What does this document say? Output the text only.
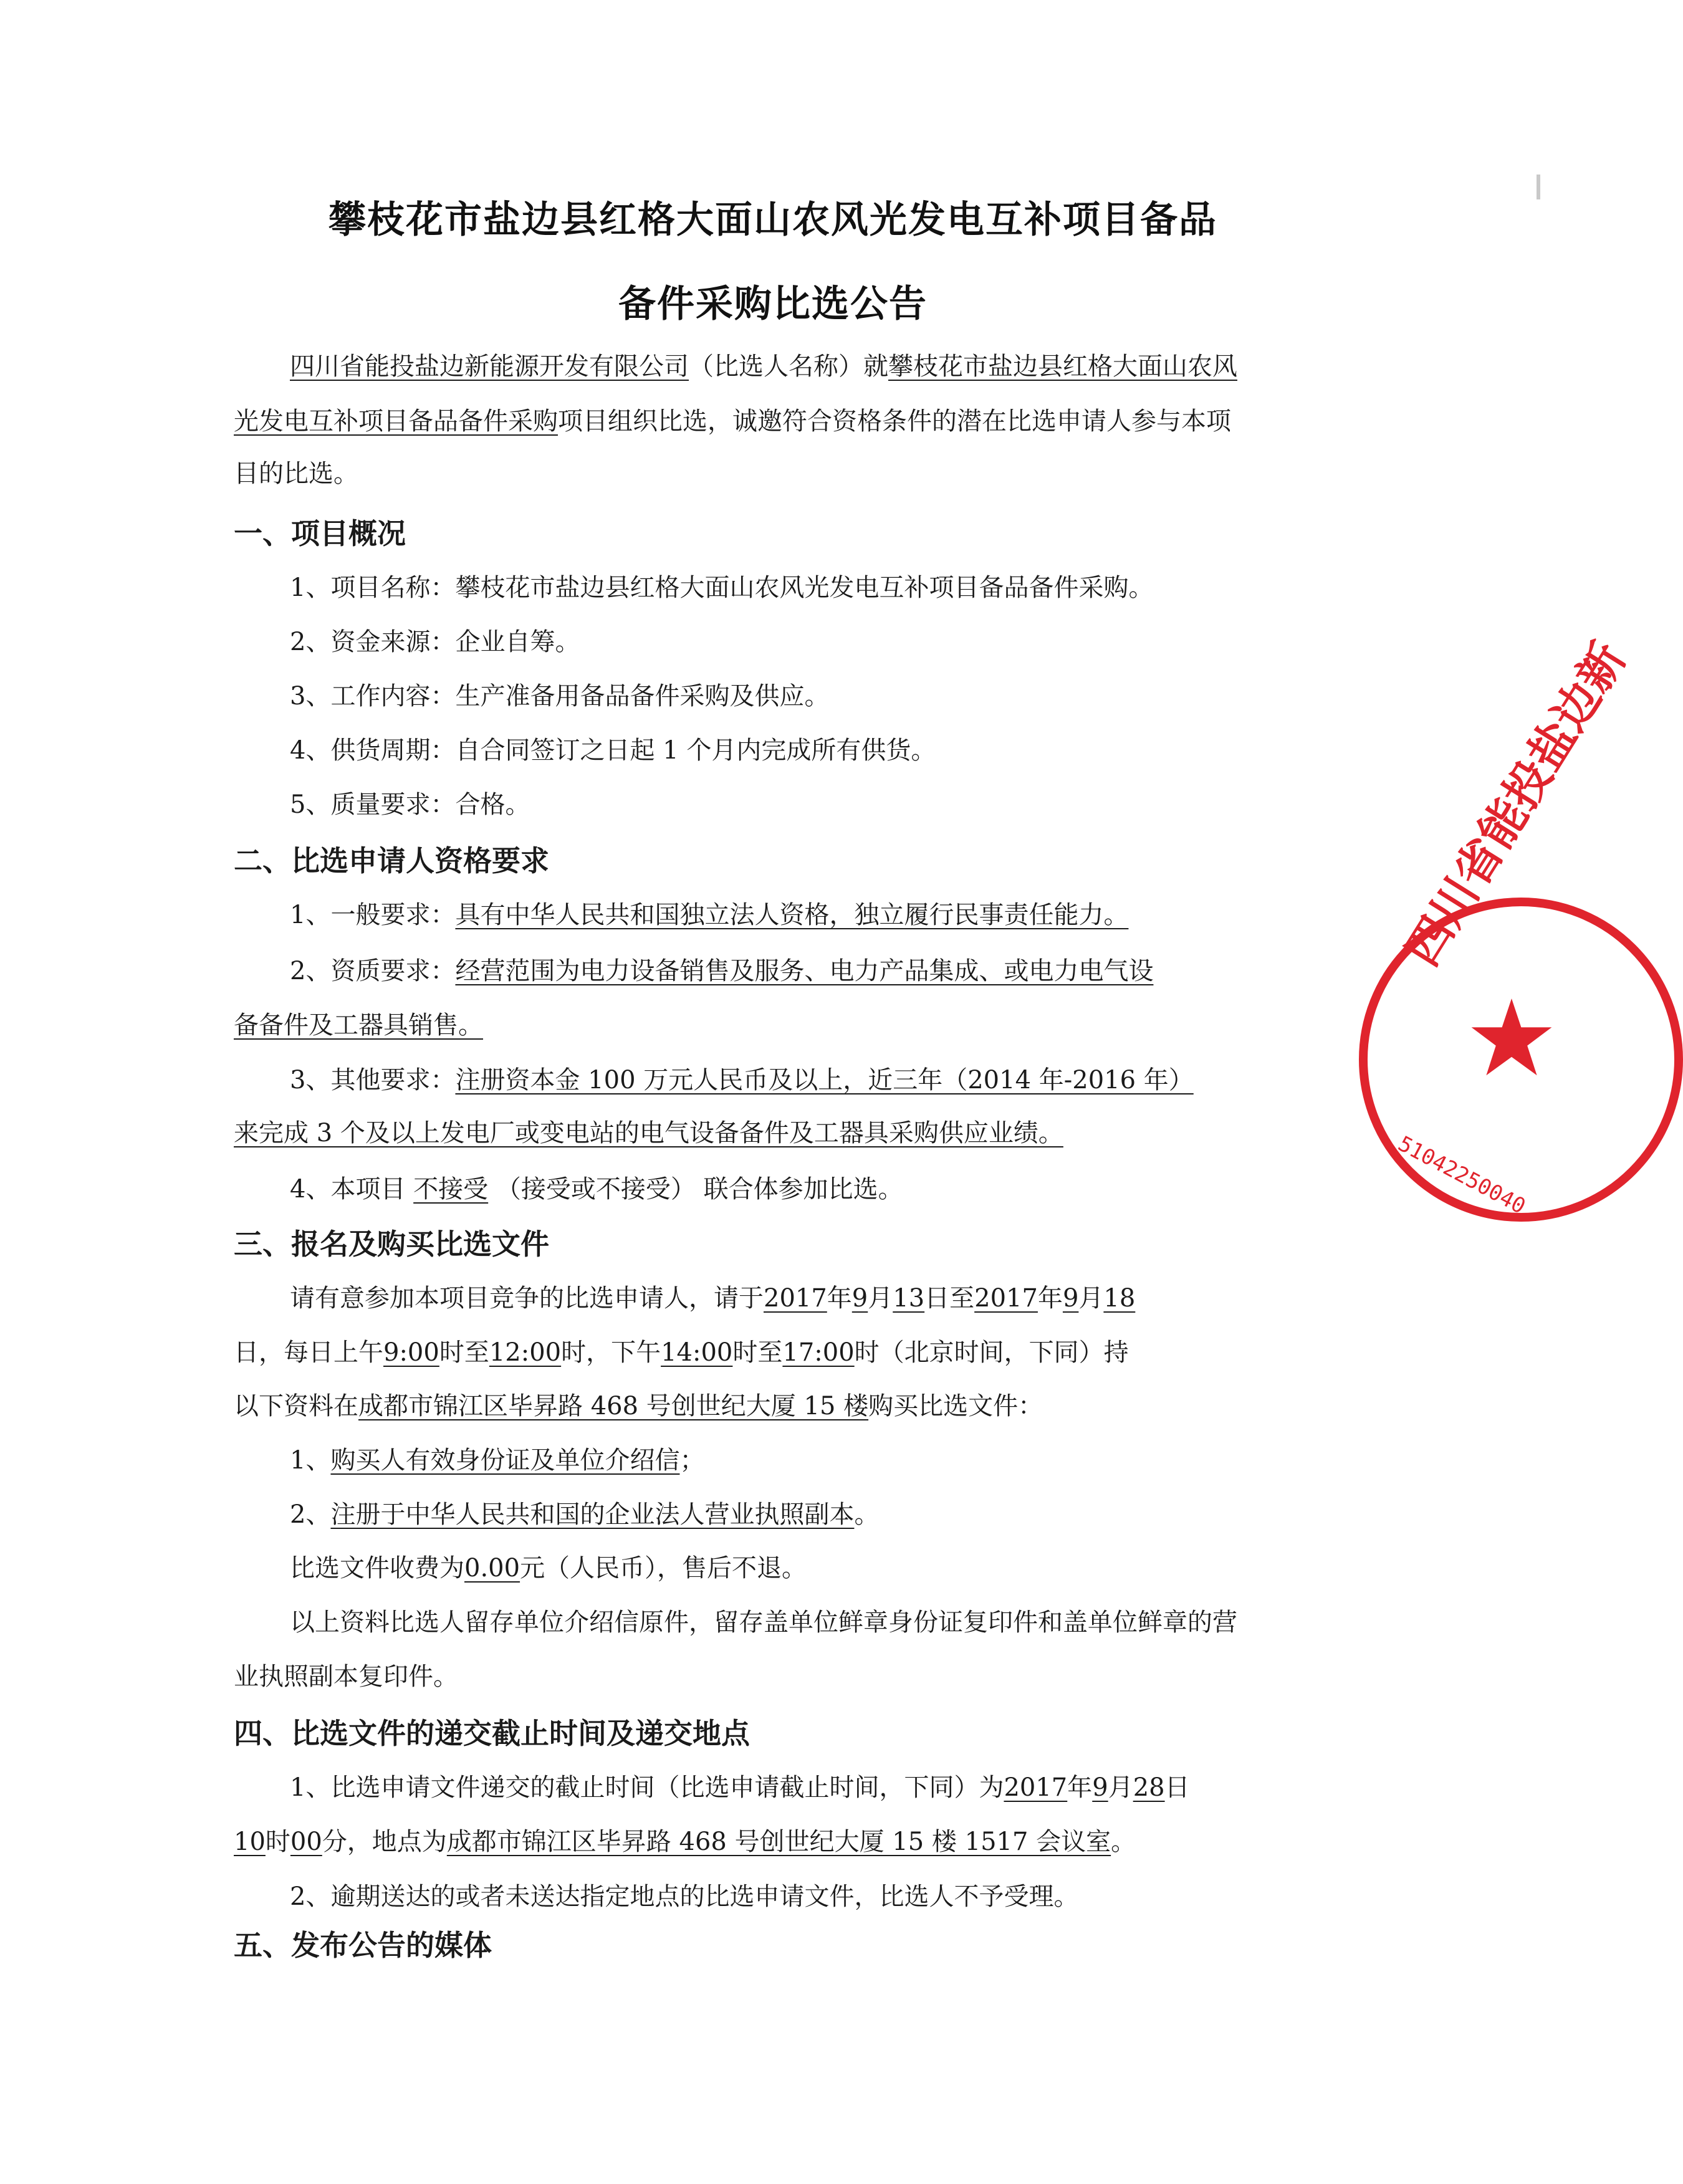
攀枝花市盐边县红格大面山农风光发电互补项目备品
备件采购比选公告
四川省能投盐边新能源开发有限公司（比选人名称）就攀枝花市盐边县红格大面山农风
光发电互补项目备品备件采购项目组织比选，诚邀符合资格条件的潜在比选申请人参与本项
目的比选。
一、项目概况
1、项目名称：攀枝花市盐边县红格大面山农风光发电互补项目备品备件采购。
2、资金来源：企业自筹。
3、工作内容：生产准备用备品备件采购及供应。
4、供货周期：自合同签订之日起 1 个月内完成所有供货。
5、质量要求：合格。
二、比选申请人资格要求
1、一般要求：具有中华人民共和国独立法人资格，独立履行民事责任能力。
2、资质要求：经营范围为电力设备销售及服务、电力产品集成、或电力电气设
备备件及工器具销售。
3、其他要求：注册资本金 100 万元人民币及以上，近三年（2014 年-2016 年）
来完成 3 个及以上发电厂或变电站的电气设备备件及工器具采购供应业绩。
4、本项目 不接受 （接受或不接受） 联合体参加比选。
三、报名及购买比选文件
请有意参加本项目竞争的比选申请人，请于2017年9月13日至2017年9月18
日，每日上午9:00时至12:00时，下午14:00时至17:00时（北京时间，下同）持
以下资料在成都市锦江区毕昇路 468 号创世纪大厦 15 楼购买比选文件：
1、购买人有效身份证及单位介绍信；
2、注册于中华人民共和国的企业法人营业执照副本。
比选文件收费为0.00元（人民币），售后不退。
以上资料比选人留存单位介绍信原件，留存盖单位鲜章身份证复印件和盖单位鲜章的营
业执照副本复印件。
四、比选文件的递交截止时间及递交地点
1、比选申请文件递交的截止时间（比选申请截止时间，下同）为2017年9月28日
10时00分，地点为成都市锦江区毕昇路 468 号创世纪大厦 15 楼 1517 会议室。
2、逾期送达的或者未送达指定地点的比选申请文件，比选人不予受理。
五、发布公告的媒体
四川省能投盐边新
51042250040
